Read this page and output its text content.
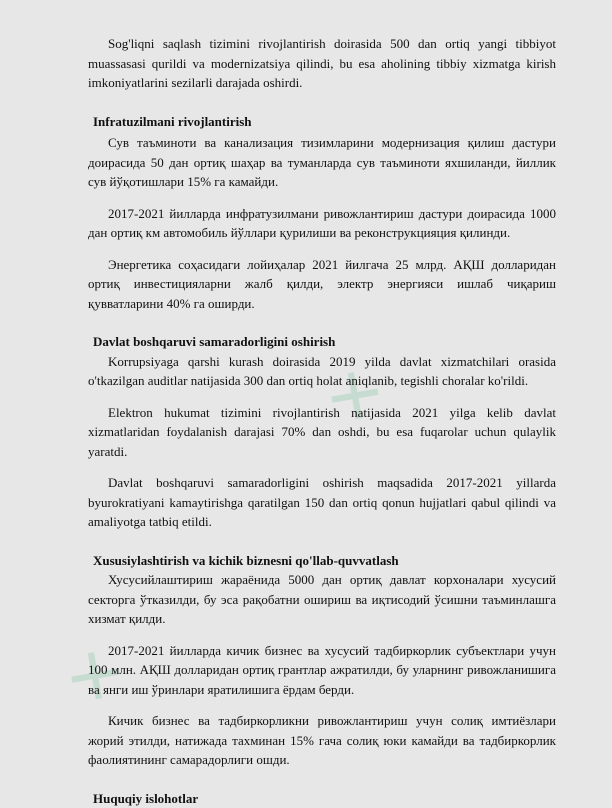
✕
✕

Sog'liqni saqlash tizimini rivojlantirish doirasida 500 dan ortiq yangi tibbiyot muassasasi qurildi va modernizatsiya qilindi, bu esa aholining tibbiy xizmatga kirish imkoniyatlarini sezilarli darajada oshirdi.

Infratuzilmani rivojlantirish

Сув таъминоти ва канализация тизимларини модернизация қилиш дастури доирасида 50 дан ортиқ шаҳар ва туманларда сув таъминоти яхшиланди, йиллик сув йўқотишлари 15% га камайди.

2017-2021 йилларда инфратузилмани ривожлантириш дастури доирасида 1000 дан ортиқ км автомобиль йўллари қурилиши ва реконструкцияция қилинди.

Энергетика соҳасидаги лойиҳалар 2021 йилгача 25 млрд. АҚШ долларидан ортиқ инвестицияларни жалб қилди, электр энергияси ишлаб чиқариш қувватларини 40% га оширди.

Davlat boshqaruvi samaradorligini oshirish

Korrupsiyaga qarshi kurash doirasida 2019 yilda davlat xizmatchilari orasida o'tkazilgan auditlar natijasida 300 dan ortiq holat aniqlanib, tegishli choralar ko'rildi.

Elektron hukumat tizimini rivojlantirish natijasida 2021 yilga kelib davlat xizmatlaridan foydalanish darajasi 70% dan oshdi, bu esa fuqarolar uchun qulaylik yaratdi.

Davlat boshqaruvi samaradorligini oshirish maqsadida 2017-2021 yillarda byurokratiyani kamaytirishga qaratilgan 150 dan ortiq qonun hujjatlari qabul qilindi va amaliyotga tatbiq etildi.

Xususiylashtirish va kichik biznesni qo'llab-quvvatlash

Хусусийлаштириш жараёнида 5000 дан ортиқ давлат корхоналари хусусий секторга ўтказилди, бу эса рақобатни ошириш ва иқтисодий ўсишни таъминлашга хизмат қилди.

2017-2021 йилларда кичик бизнес ва хусусий тадбиркорлик субъектлари учун 100 млн. АҚШ долларидан ортиқ грантлар ажратилди, бу уларнинг ривожланишига ва янги иш ўринлари яратилишига ёрдам берди.

Кичик бизнес ва тадбиркорликни ривожлантириш учун солиқ имтиёзлари жорий этилди, натижада тахминан 15% гача солиқ юки камайди ва тадбиркорлик фаолиятининг самарадорлиги ошди.

Huquqiy islohotlar
